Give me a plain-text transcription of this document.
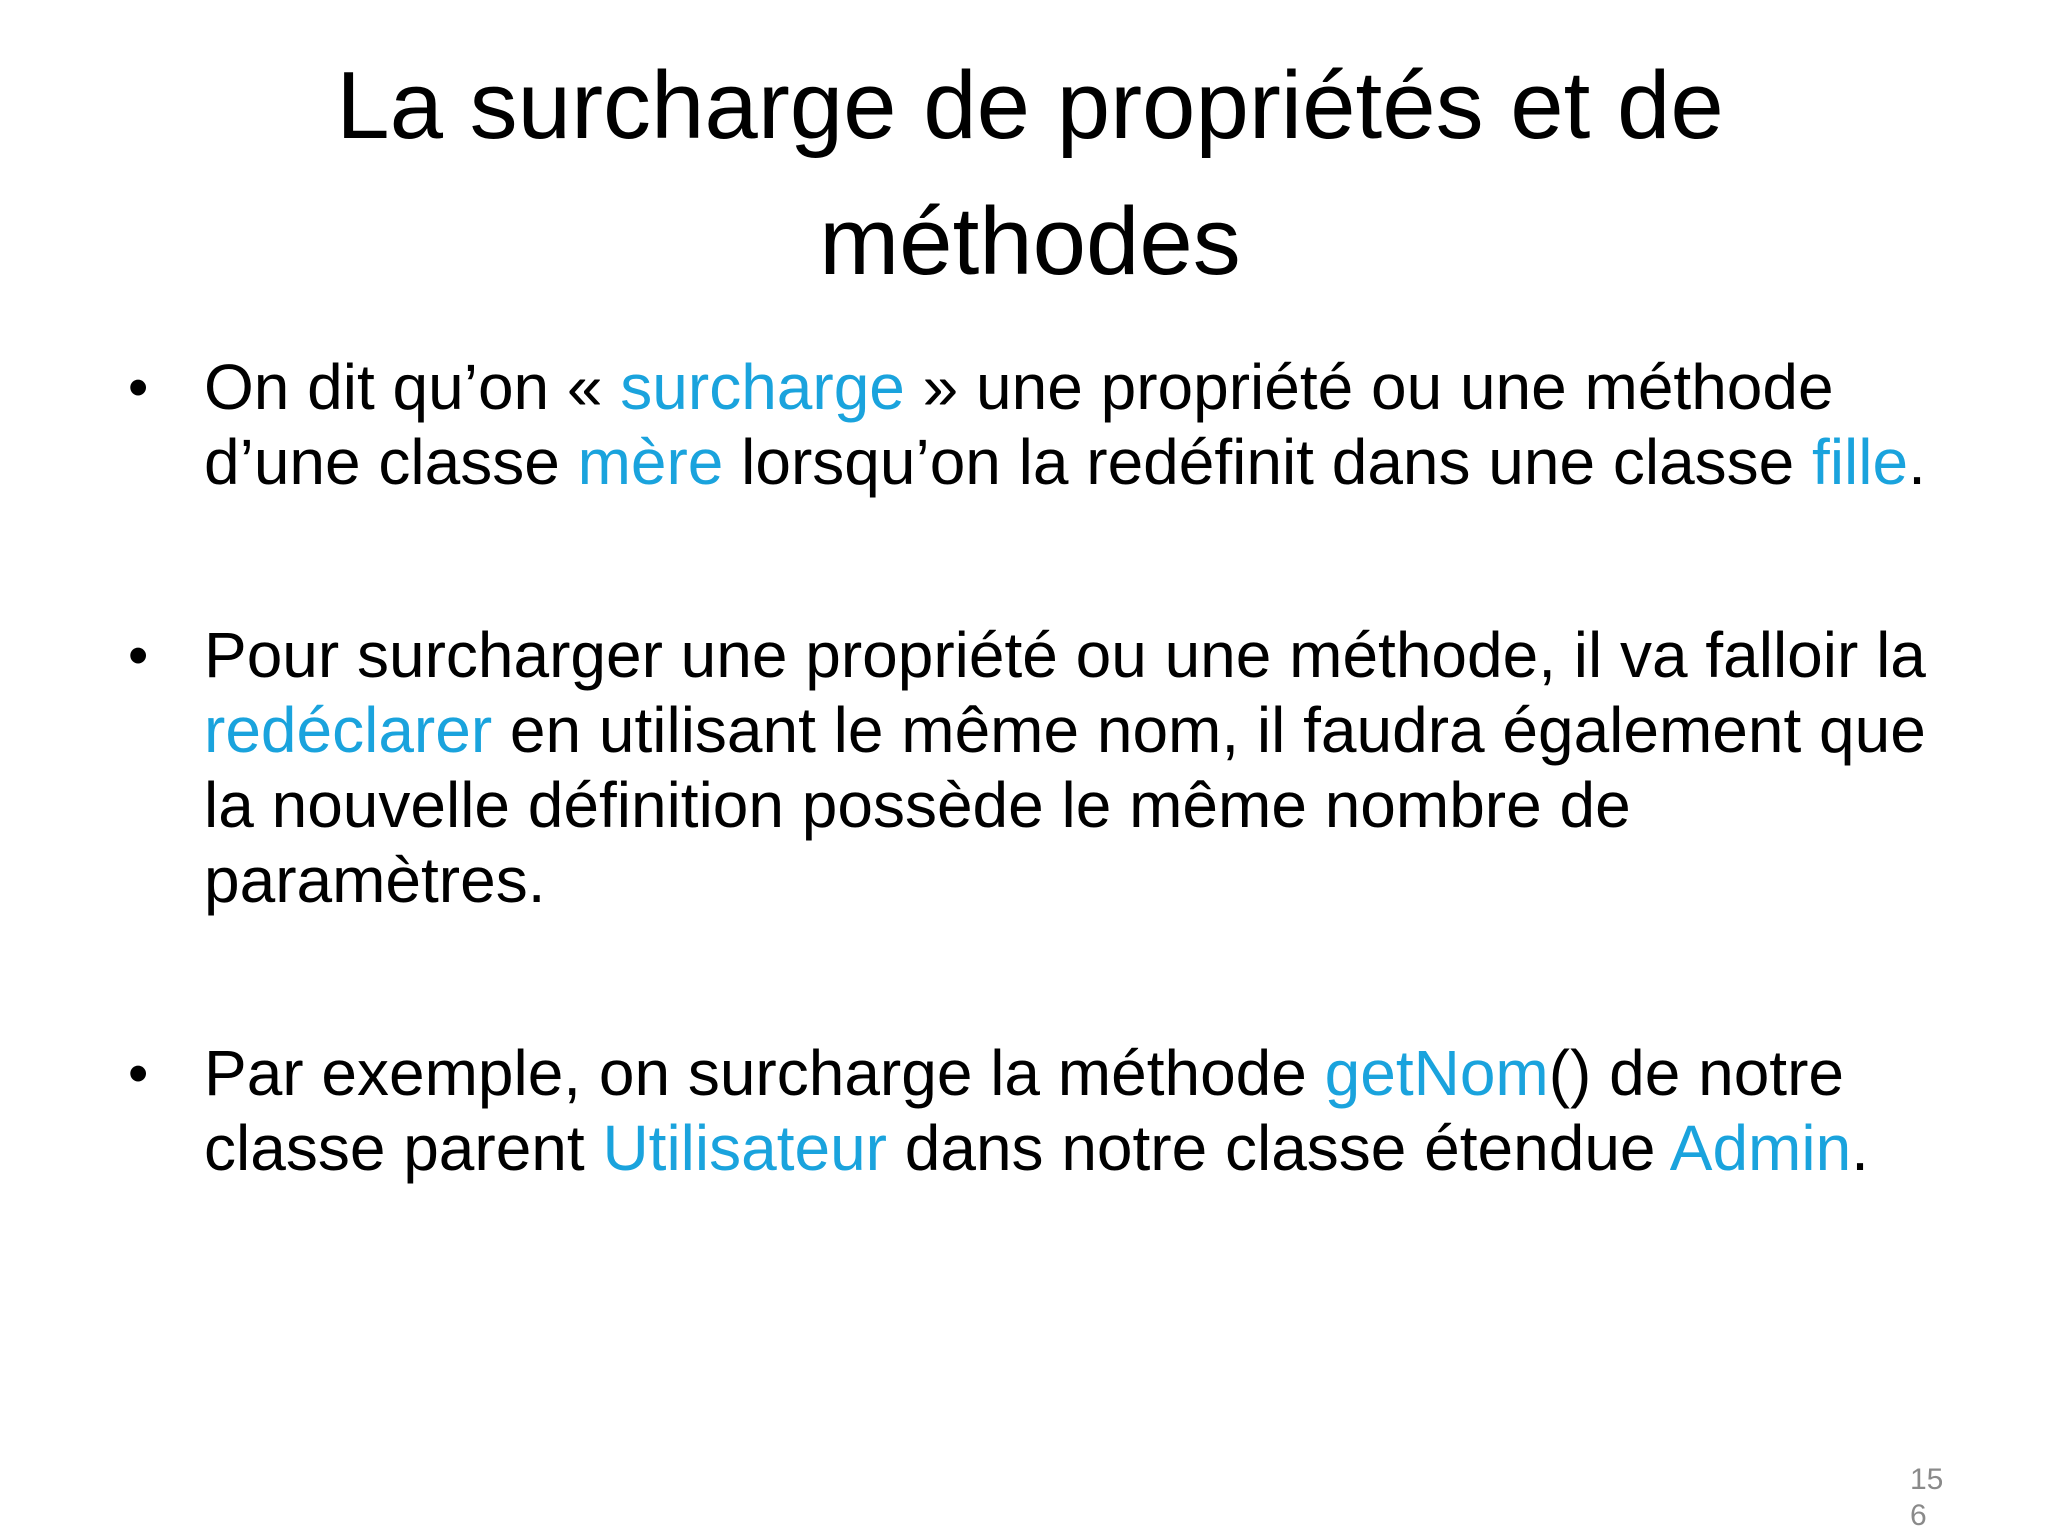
La surcharge de propriétés et de méthodes
• On dit qu’on « surcharge » une propriété ou une méthode d’une classe mère lorsqu’on la redéfinit dans une classe fille.
• Pour surcharger une propriété ou une méthode, il va falloir la redéclarer en utilisant le même nom, il faudra également que la nouvelle définition possède le même nombre de paramètres.
• Par exemple, on surcharge la méthode getNom() de notre classe parent Utilisateur dans notre classe étendue Admin.
156
